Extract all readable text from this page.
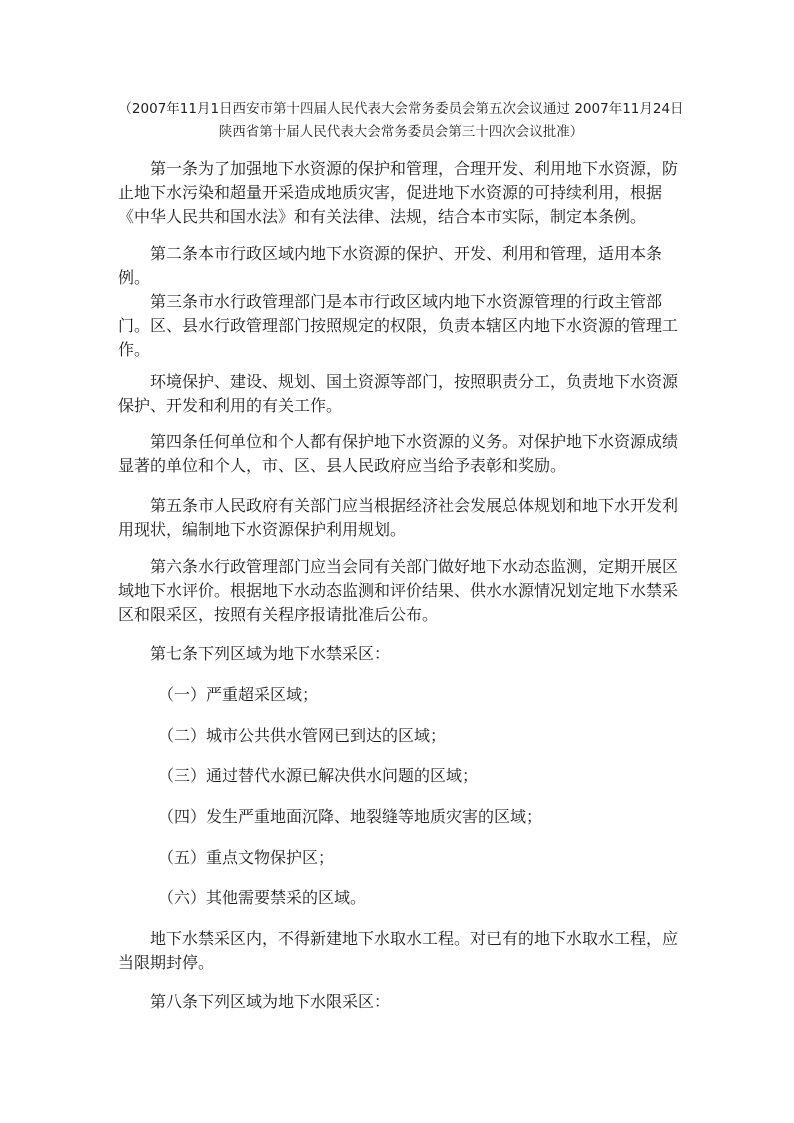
（2007年11月1日西安市第十四届人民代表大会常务委员会第五次会议通过 2007年11月24日陕西省第十届人民代表大会常务委员会第三十四次会议批准）

第一条为了加强地下水资源的保护和管理，合理开发、利用地下水资源，防止地下水污染和超量开采造成地质灾害，促进地下水资源的可持续利用，根据《中华人民共和国水法》和有关法律、法规，结合本市实际，制定本条例。

第二条本市行政区域内地下水资源的保护、开发、利用和管理，适用本条例。

第三条市水行政管理部门是本市行政区域内地下水资源管理的行政主管部门。区、县水行政管理部门按照规定的权限，负责本辖区内地下水资源的管理工作。

环境保护、建设、规划、国土资源等部门，按照职责分工，负责地下水资源保护、开发和利用的有关工作。

第四条任何单位和个人都有保护地下水资源的义务。对保护地下水资源成绩显著的单位和个人，市、区、县人民政府应当给予表彰和奖励。

第五条市人民政府有关部门应当根据经济社会发展总体规划和地下水开发利用现状，编制地下水资源保护利用规划。

第六条水行政管理部门应当会同有关部门做好地下水动态监测，定期开展区域地下水评价。根据地下水动态监测和评价结果、供水水源情况划定地下水禁采区和限采区，按照有关程序报请批准后公布。

第七条下列区域为地下水禁采区：

（一）严重超采区域；

（二）城市公共供水管网已到达的区域；

（三）通过替代水源已解决供水问题的区域；

（四）发生严重地面沉降、地裂缝等地质灾害的区域；

（五）重点文物保护区；

（六）其他需要禁采的区域。

地下水禁采区内，不得新建地下水取水工程。对已有的地下水取水工程，应当限期封停。

第八条下列区域为地下水限采区：
